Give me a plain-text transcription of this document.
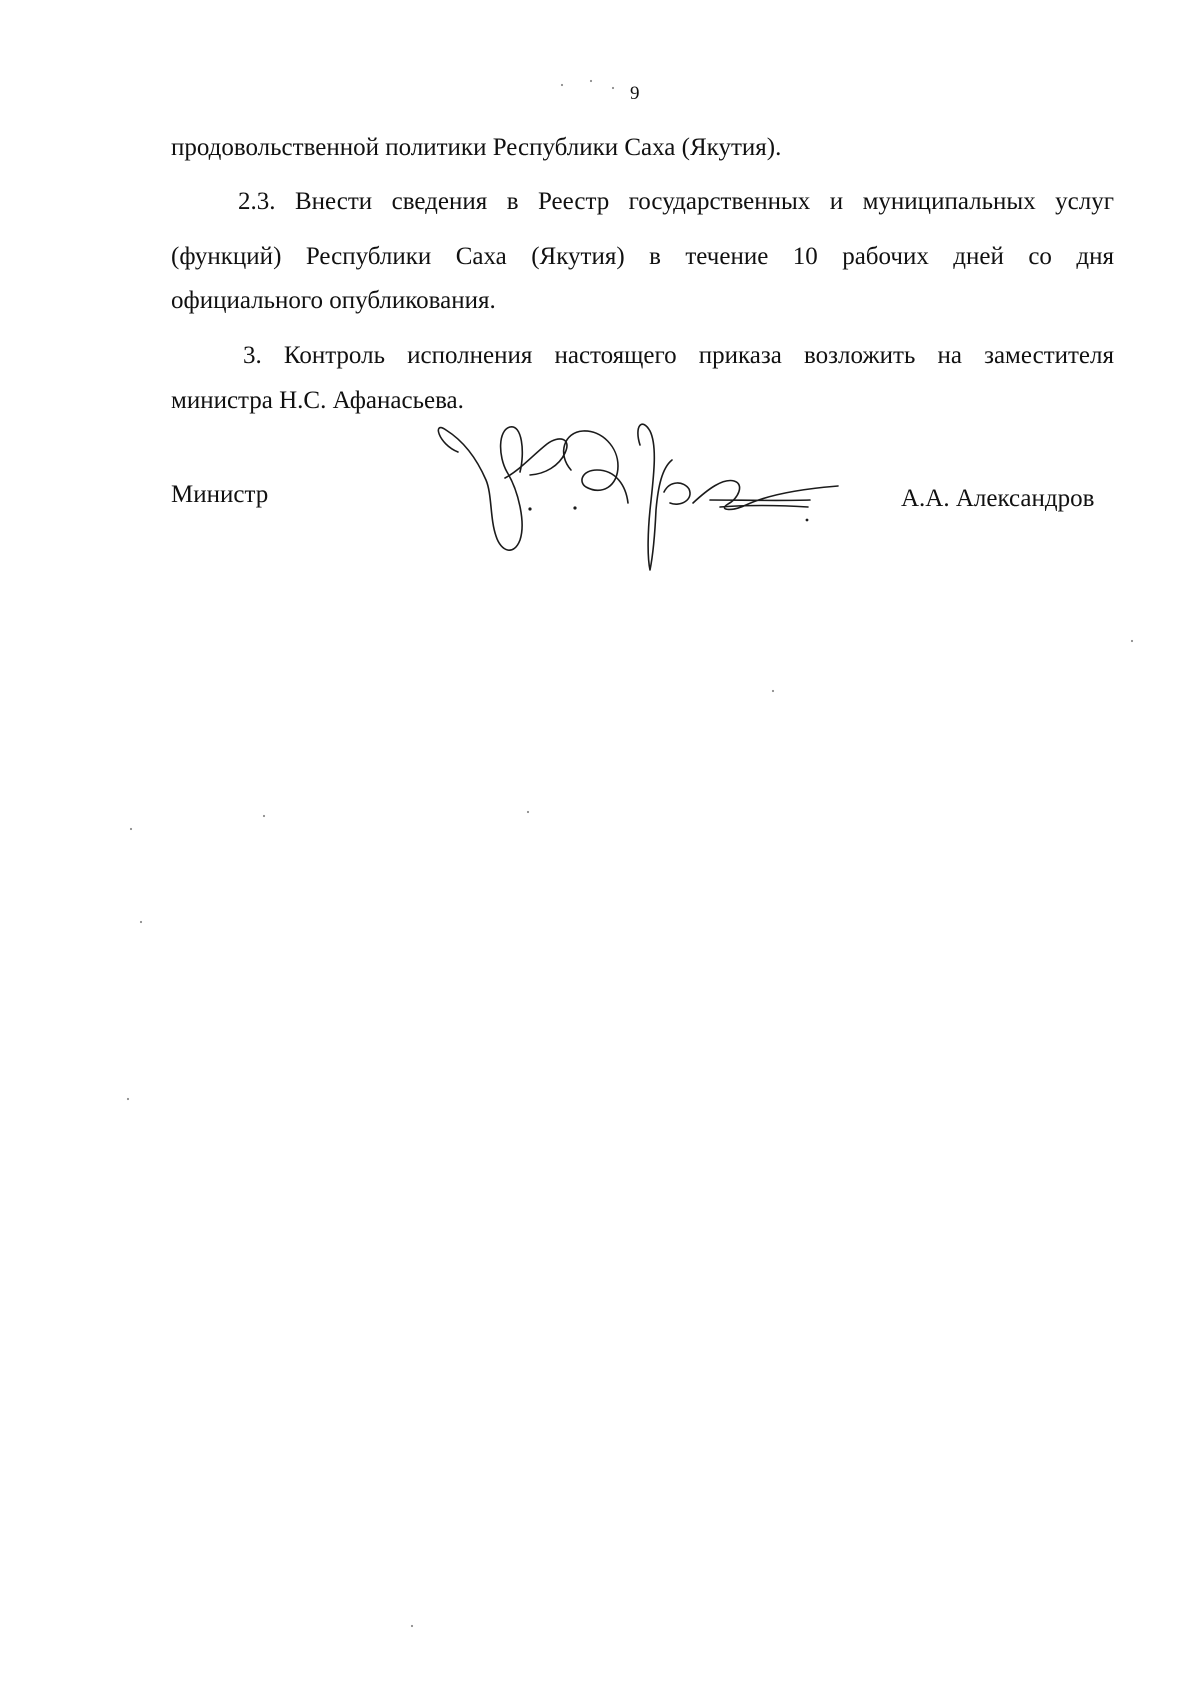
9
продовольственной политики Республики Саха (Якутия).
2.3. Внести сведения в Реестр государственных и муниципальных услуг
(функций) Республики Саха (Якутия) в течение 10 рабочих дней со дня
официального опубликования.
3. Контроль исполнения настоящего приказа возложить на заместителя
министра Н.С. Афанасьева.
Министр	А.А. Александров
